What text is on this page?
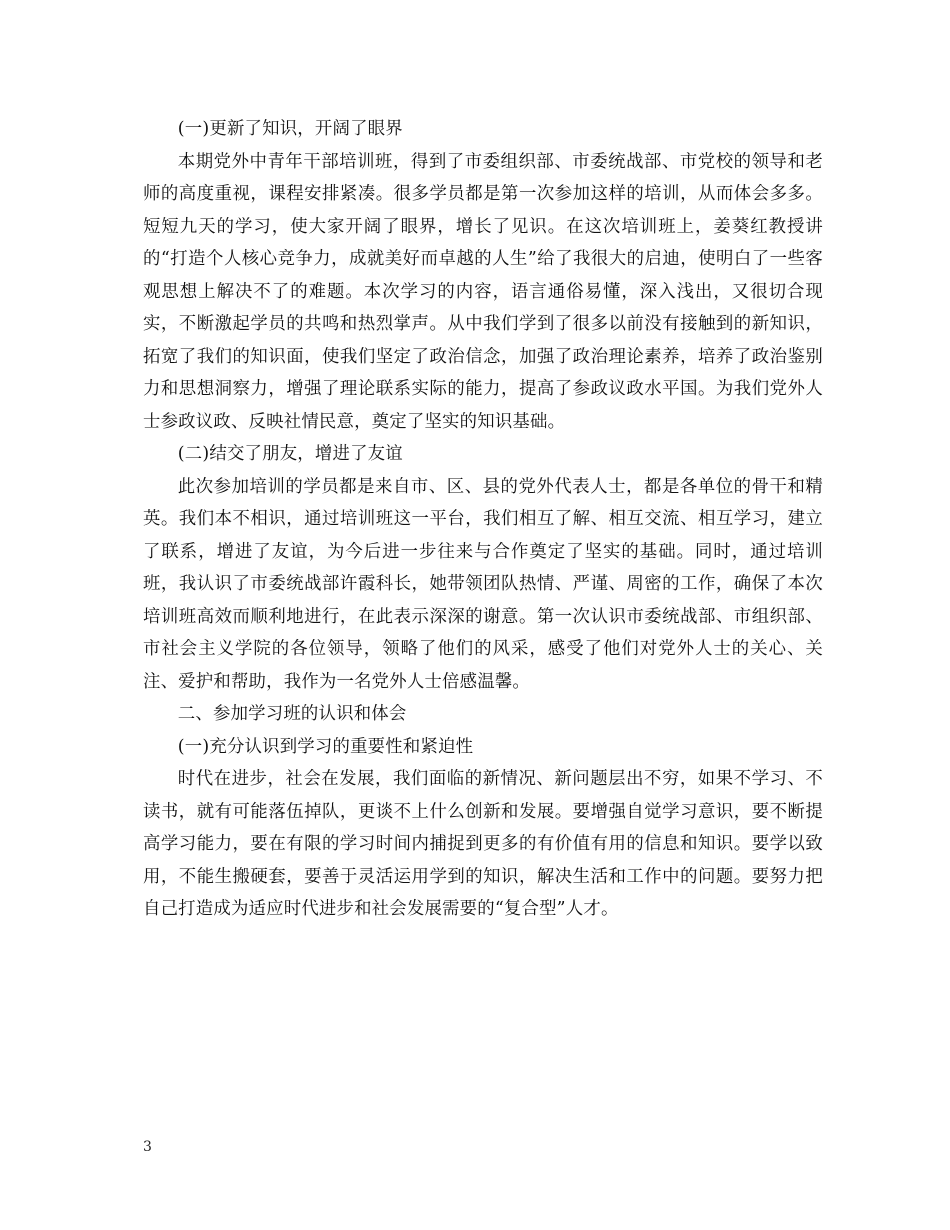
(一)更新了知识，开阔了眼界

本期党外中青年干部培训班，得到了市委组织部、市委统战部、市党校的领导和老师的高度重视，课程安排紧凑。很多学员都是第一次参加这样的培训，从而体会多多。短短九天的学习，使大家开阔了眼界，增长了见识。在这次培训班上，姜葵红教授讲的“打造个人核心竞争力，成就美好而卓越的人生”给了我很大的启迪，使明白了一些客观思想上解决不了的难题。本次学习的内容，语言通俗易懂，深入浅出，又很切合现实，不断激起学员的共鸣和热烈掌声。从中我们学到了很多以前没有接触到的新知识，拓宽了我们的知识面，使我们坚定了政治信念，加强了政治理论素养，培养了政治鉴别力和思想洞察力，增强了理论联系实际的能力，提高了参政议政水平国。为我们党外人士参政议政、反映社情民意，奠定了坚实的知识基础。

(二)结交了朋友，增进了友谊

此次参加培训的学员都是来自市、区、县的党外代表人士，都是各单位的骨干和精英。我们本不相识，通过培训班这一平台，我们相互了解、相互交流、相互学习，建立了联系，增进了友谊，为今后进一步往来与合作奠定了坚实的基础。同时，通过培训班，我认识了市委统战部许霞科长，她带领团队热情、严谨、周密的工作，确保了本次培训班高效而顺利地进行，在此表示深深的谢意。第一次认识市委统战部、市组织部、市社会主义学院的各位领导，领略了他们的风采，感受了他们对党外人士的关心、关注、爱护和帮助，我作为一名党外人士倍感温馨。

二、参加学习班的认识和体会

(一)充分认识到学习的重要性和紧迫性

时代在进步，社会在发展，我们面临的新情况、新问题层出不穷，如果不学习、不读书，就有可能落伍掉队，更谈不上什么创新和发展。要增强自觉学习意识，要不断提高学习能力，要在有限的学习时间内捕捉到更多的有价值有用的信息和知识。要学以致用，不能生搬硬套，要善于灵活运用学到的知识，解决生活和工作中的问题。要努力把自己打造成为适应时代进步和社会发展需要的“复合型”人才。

3
